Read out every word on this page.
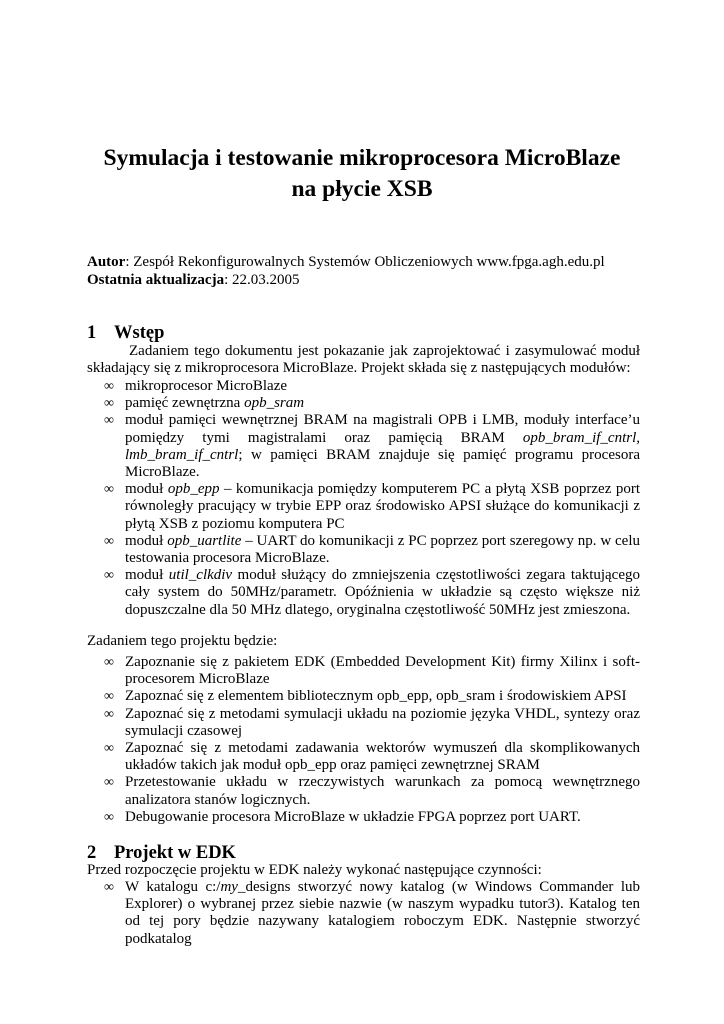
Symulacja i testowanie mikroprocesora MicroBlaze
na płycie XSB
Autor: Zespół Rekonfigurowalnych Systemów Obliczeniowych www.fpga.agh.edu.pl
Ostatnia aktualizacja: 22.03.2005
1 Wstęp
Zadaniem tego dokumentu jest pokazanie jak zaprojektować i zasymulować moduł składający się z mikroprocesora MicroBlaze. Projekt składa się z następujących modułów:
∞ mikroprocesor MicroBlaze
∞ pamięć zewnętrzna opb_sram
∞ moduł pamięci wewnętrznej BRAM na magistrali OPB i LMB, moduły interface’u pomiędzy tymi magistralami oraz pamięcią BRAM opb_bram_if_cntrl, lmb_bram_if_cntrl; w pamięci BRAM znajduje się pamięć programu procesora MicroBlaze.
∞ moduł opb_epp – komunikacja pomiędzy komputerem PC a płytą XSB poprzez port równoległy pracujący w trybie EPP oraz środowisko APSI służące do komunikacji z płytą XSB z poziomu komputera PC
∞ moduł opb_uartlite – UART do komunikacji z PC poprzez port szeregowy np. w celu testowania procesora MicroBlaze.
∞ moduł util_clkdiv moduł służący do zmniejszenia częstotliwości zegara taktującego cały system do 50MHz/parametr. Opóźnienia w układzie są często większe niż dopuszczalne dla 50 MHz dlatego, oryginalna częstotliwość 50MHz jest zmieszona.
Zadaniem tego projektu będzie:
∞ Zapoznanie się z pakietem EDK (Embedded Development Kit) firmy Xilinx i soft-procesorem MicroBlaze
∞ Zapoznać się z elementem bibliotecznym opb_epp, opb_sram i środowiskiem APSI
∞ Zapoznać się z metodami symulacji układu na poziomie języka VHDL, syntezy oraz symulacji czasowej
∞ Zapoznać się z metodami zadawania wektorów wymuszeń dla skomplikowanych układów takich jak moduł opb_epp oraz pamięci zewnętrznej SRAM
∞ Przetestowanie układu w rzeczywistych warunkach za pomocą wewnętrznego analizatora stanów logicznych.
∞ Debugowanie procesora MicroBlaze w układzie FPGA poprzez port UART.
2 Projekt w EDK
Przed rozpoczęcie projektu w EDK należy wykonać następujące czynności:
∞ W katalogu c:/my_designs stworzyć nowy katalog (w Windows Commander lub Explorer) o wybranej przez siebie nazwie (w naszym wypadku tutor3). Katalog ten od tej pory będzie nazywany katalogiem roboczym EDK. Następnie stworzyć podkatalog
